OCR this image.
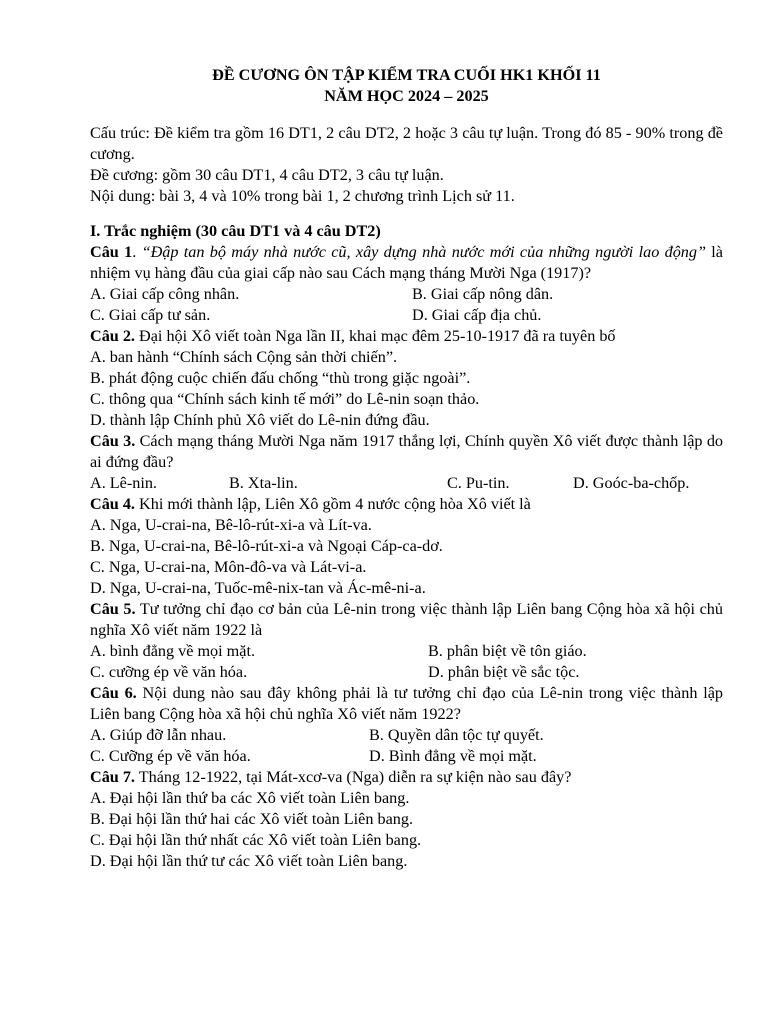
ĐỀ CƯƠNG ÔN TẬP KIỂM TRA CUỐI HK1 KHỐI 11

NĂM HỌC 2024 – 2025

Cấu trúc: Đề kiểm tra gồm 16 DT1, 2 câu DT2, 2 hoặc 3 câu tự luận. Trong đó 85 - 90% trong đề cương.

Đề cương: gồm 30 câu DT1, 4 câu DT2, 3 câu tự luận.

Nội dung: bài 3, 4 và 10% trong bài 1, 2 chương trình Lịch sử 11.

I. Trắc nghiệm (30 câu DT1 và 4 câu DT2)

Câu 1. “Đập tan bộ máy nhà nước cũ, xây dựng nhà nước mới của những người lao động” là nhiệm vụ hàng đầu của giai cấp nào sau Cách mạng tháng Mười Nga (1917)?

A. Giai cấp công nhân.	B. Giai cấp nông dân.
C. Giai cấp tư sản.	D. Giai cấp địa chủ.

Câu 2. Đại hội Xô viết toàn Nga lần II, khai mạc đêm 25-10-1917 đã ra tuyên bố

A. ban hành “Chính sách Cộng sản thời chiến”.

B. phát động cuộc chiến đấu chống “thù trong giặc ngoài”.

C. thông qua “Chính sách kinh tế mới” do Lê-nin soạn thảo.

D. thành lập Chính phủ Xô viết do Lê-nin đứng đầu.

Câu 3. Cách mạng tháng Mười Nga năm 1917 thắng lợi, Chính quyền Xô viết được thành lập do ai đứng đầu?

A. Lê-nin.	B. Xta-lin.	C. Pu-tin.	D. Goóc-ba-chốp.

Câu 4. Khi mới thành lập, Liên Xô gồm 4 nước cộng hòa Xô viết là

A. Nga, U-crai-na, Bê-lô-rút-xi-a và Lít-va.

B. Nga, U-crai-na, Bê-lô-rút-xi-a và Ngoại Cáp-ca-dơ.

C. Nga, U-crai-na, Môn-đô-va và Lát-vi-a.

D. Nga, U-crai-na, Tuốc-mê-nix-tan và Ác-mê-ni-a.

Câu 5. Tư tưởng chỉ đạo cơ bản của Lê-nin trong việc thành lập Liên bang Cộng hòa xã hội chủ nghĩa Xô viết năm 1922 là

A. bình đẳng về mọi mặt.	B. phân biệt về tôn giáo.
C. cưỡng ép về văn hóa.	D. phân biệt về sắc tộc.

Câu 6. Nội dung nào sau đây không phải là tư tưởng chỉ đạo của Lê-nin trong việc thành lập Liên bang Cộng hòa xã hội chủ nghĩa Xô viết năm 1922?

A. Giúp đỡ lẫn nhau.	B. Quyền dân tộc tự quyết.
C. Cưỡng ép về văn hóa.	D. Bình đẳng về mọi mặt.

Câu 7. Tháng 12-1922, tại Mát-xcơ-va (Nga) diễn ra sự kiện nào sau đây?

A. Đại hội lần thứ ba các Xô viết toàn Liên bang.

B. Đại hội lần thứ hai các Xô viết toàn Liên bang.

C. Đại hội lần thứ nhất các Xô viết toàn Liên bang.

D. Đại hội lần thứ tư các Xô viết toàn Liên bang.
